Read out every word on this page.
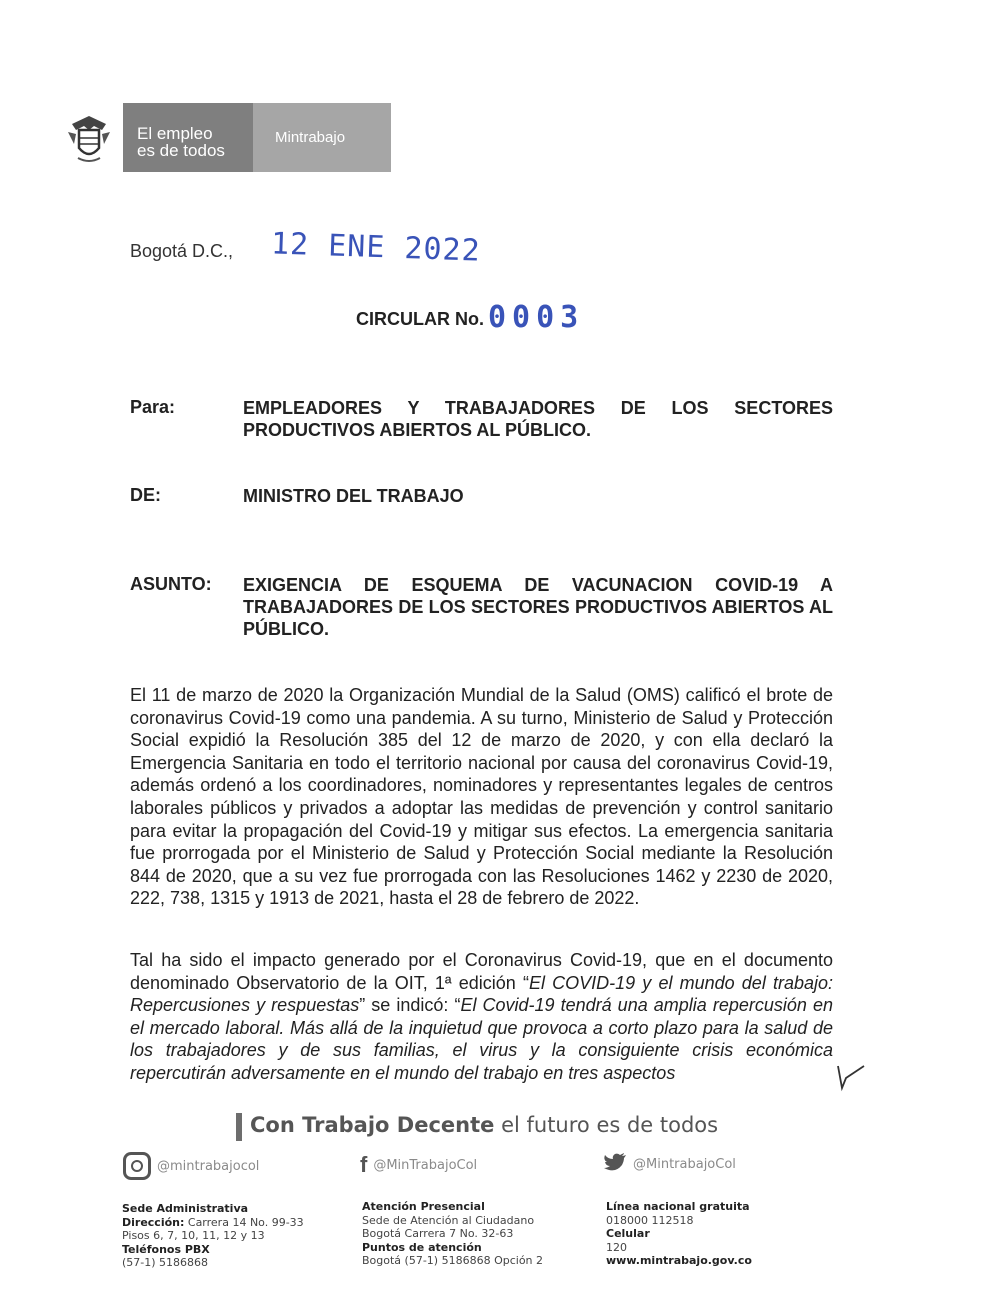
El empleo
es de todos
Mintrabajo
Bogotá D.C., 12 ENE 2022
CIRCULAR No. 0003
Para:	EMPLEADORES Y TRABAJADORES DE LOS SECTORES PRODUCTIVOS ABIERTOS AL PÚBLICO.
DE:	MINISTRO DEL TRABAJO
ASUNTO: EXIGENCIA DE ESQUEMA DE VACUNACION COVID-19 A TRABAJADORES DE LOS SECTORES PRODUCTIVOS ABIERTOS AL PÚBLICO.
El 11 de marzo de 2020 la Organización Mundial de la Salud (OMS) calificó el brote de coronavirus Covid-19 como una pandemia. A su turno, Ministerio de Salud y Protección Social expidió la Resolución 385 del 12 de marzo de 2020, y con ella declaró la Emergencia Sanitaria en todo el territorio nacional por causa del coronavirus Covid-19, además ordenó a los coordinadores, nominadores y representantes legales de centros laborales públicos y privados a adoptar las medidas de prevención y control sanitario para evitar la propagación del Covid-19 y mitigar sus efectos. La emergencia sanitaria fue prorrogada por el Ministerio de Salud y Protección Social mediante la Resolución 844 de 2020, que a su vez fue prorrogada con las Resoluciones 1462 y 2230 de 2020, 222, 738, 1315 y 1913 de 2021, hasta el 28 de febrero de 2022.
Tal ha sido el impacto generado por el Coronavirus Covid-19, que en el documento denominado Observatorio de la OIT, 1ª edición “El COVID-19 y el mundo del trabajo: Repercusiones y respuestas” se indicó: “El Covid-19 tendrá una amplia repercusión en el mercado laboral. Más allá de la inquietud que provoca a corto plazo para la salud de los trabajadores y de sus familias, el virus y la consiguiente crisis económica repercutirán adversamente en el mundo del trabajo en tres aspectos
Con Trabajo Decente el futuro es de todos
@mintrabajocol	f @MinTrabajoCol	@MintrabajoCol
Sede Administrativa
Dirección: Carrera 14 No. 99-33
Pisos 6, 7, 10, 11, 12 y 13
Teléfonos PBX
(57-1) 5186868
Atención Presencial
Sede de Atención al Ciudadano
Bogotá Carrera 7 No. 32-63
Puntos de atención
Bogotá (57-1) 5186868 Opción 2
Línea nacional gratuita
018000 112518
Celular
120
www.mintrabajo.gov.co
